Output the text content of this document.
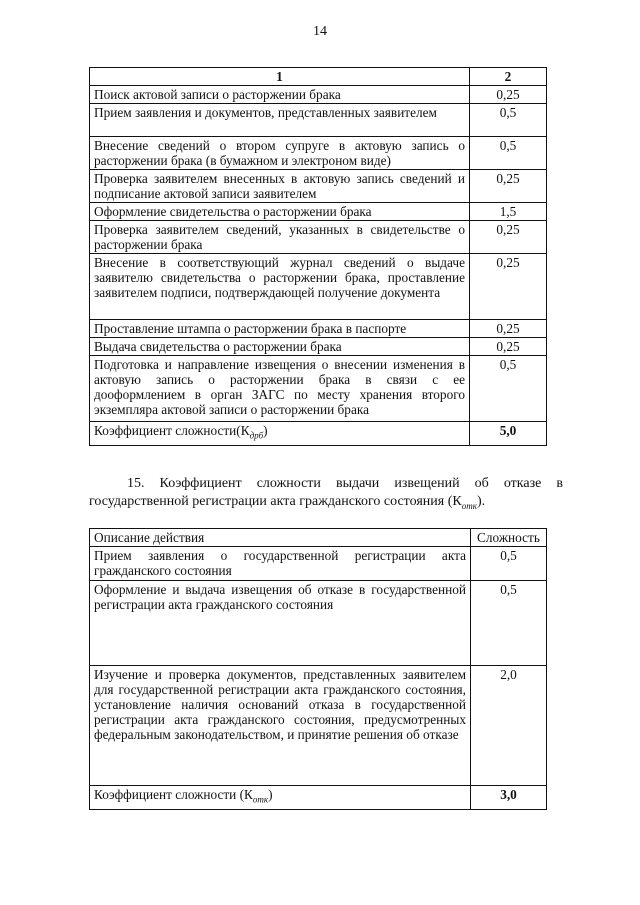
14
1	2
Поиск актовой записи о расторжении брака	0,25
Прием заявления и документов, представленных заявителем	0,5
Внесение сведений о втором супруге в актовую запись о расторжении брака (в бумажном и электроном виде)	0,5
Проверка заявителем внесенных в актовую запись сведений и подписание актовой записи заявителем	0,25
Оформление свидетельства о расторжении брака	1,5
Проверка заявителем сведений, указанных в свидетельстве о расторжении брака	0,25
Внесение в соответствующий журнал сведений о выдаче заявителю свидетельства о расторжении брака, проставление заявителем подписи, подтверждающей получение документа	0,25
Проставление штампа о расторжении брака в паспорте	0,25
Выдача свидетельства о расторжении брака	0,25
Подготовка и направление извещения о внесении изменения в актовую запись о расторжении брака в связи с ее дооформлением в орган ЗАГС по месту хранения второго экземпляра актовой записи о расторжении брака	0,5
Коэффициент $сложности(К_{дрб})$	5,0
15. Коэффициент сложности выдачи извещений об отказе в государственной регистрации акта гражданского состояния $(К_{отк})$.
Описание действия	Сложность
Прием заявления о государственной регистрации акта гражданского состояния	0,5
Оформление и выдача извещения об отказе в государственной регистрации акта гражданского состояния	0,5
Изучение и проверка документов, представленных заявителем для государственной регистрации акта гражданского состояния, установление наличия оснований отказа в государственной регистрации акта гражданского состояния, предусмотренных федеральным законодательством, и принятие решения об отказе	2,0
Коэффициент сложности $(К_{отк})$	3,0
